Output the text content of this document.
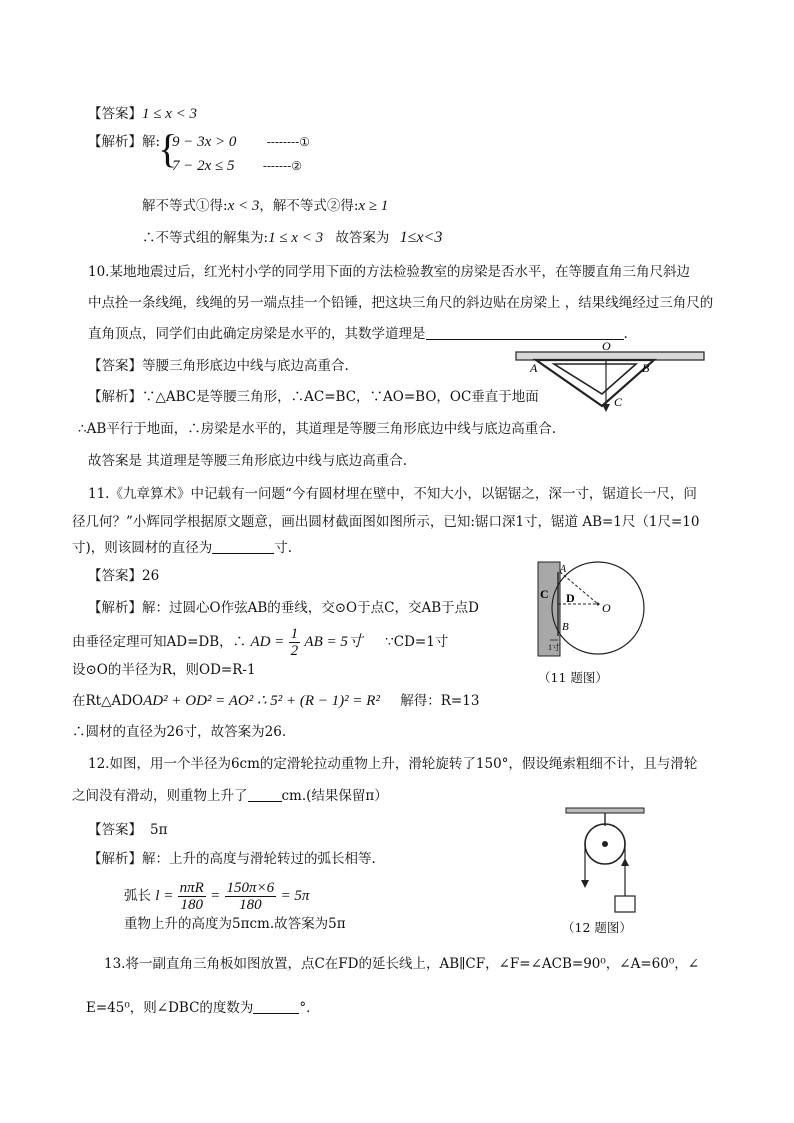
【答案】1 ≤ x < 3
【解析】解:
{
9 − 3x > 0	--------①
7 − 2x ≤ 5 -------②
解不等式①得:x < 3，解不等式②得:x ≥ 1
∴不等式组的解集为:1 ≤ x < 3 故答案为 1≤x<3
10.某地地震过后，红光村小学的同学用下面的方法检验教室的房梁是否水平，在等腰直角三角尺斜边
中点拴一条线绳，线绳的另一端点挂一个铅锤，把这块三角尺的斜边贴在房梁上 ，结果线绳经过三角尺的
直角顶点，同学们由此确定房梁是水平的，其数学道理是	.
【答案】等腰三角形底边中线与底边高重合.
【解析】∵△ABC是等腰三角形，∴AC=BC，∵AO=BO，OC垂直于地面
∴AB平行于地面，∴房梁是水平的，其道理是等腰三角形底边中线与底边高重合.
故答案是 其道理是等腰三角形底边中线与底边高重合.
O
A	B
C
11.《九章算术》中记载有一问题“今有圆材埋在壁中，不知大小，以锯锯之，深一寸，锯道长一尺，问
径几何？”小辉同学根据原文题意，画出圆材截面图如图所示，已知:锯口深1寸，锯道 AB=1尺（1尺=10
寸)，则该圆材的直径为	寸.
【答案】26
【解析】解：过圆心O作弦AB的垂线，交⊙O于点C，交AB于点D
由垂径定理可知AD=DB，∴ AD = $\frac{1}{2}$ AB = 5寸 ∵CD=1寸
设⊙O的半径为R，则OD=R-1
在Rt△ADOAD² + OD² = AO² ∴ 5² + (R − 1)² = R² 解得：R=13
∴圆材的直径为26寸，故答案为26.
C D
O
A
B
1寸
（11 题图）
12.如图，用一个半径为6cm的定滑轮拉动重物上升，滑轮旋转了150°，假设绳索粗细不计，且与滑轮
之间没有滑动，则重物上升了	cm.(结果保留π）
【答案】 5π
【解析】解：上升的高度与滑轮转过的弧长相等.
弧长 $l = \frac{\text{nπR}}{180} = \frac{150\pi\times 6}{180} = 5\pi$
重物上升的高度为5πcm.故答案为5π	（12 题图）
13.将一副直角三角板如图放置，点C在FD的延长线上，AB∥CF，∠F=∠ACB=90⁰，∠A=60⁰，∠
E=45⁰，则∠DBC的度数为	°．
